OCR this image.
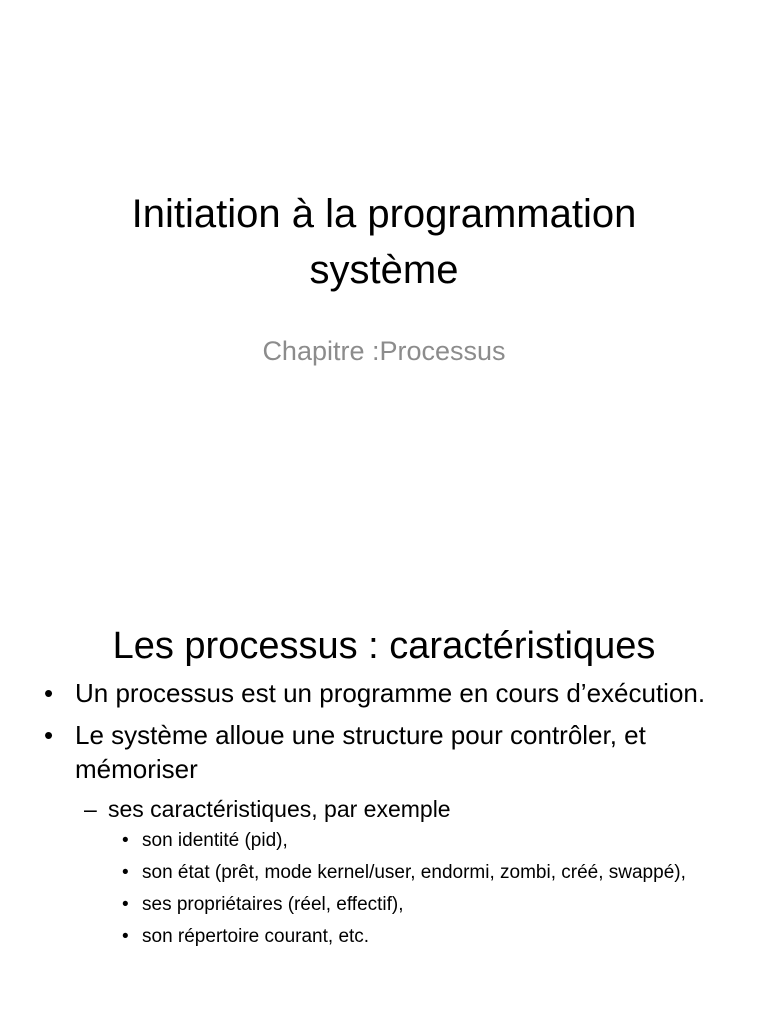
Initiation à la programmation
système

Chapitre :Processus

Les processus : caractéristiques
• Un processus est un programme en cours d’exécution.
• Le système alloue une structure pour contrôler, et mémoriser
– ses caractéristiques, par exemple
• son identité (pid),
• son état (prêt, mode kernel/user, endormi, zombi, créé, swappé),
• ses propriétaires (réel, effectif),
• son répertoire courant, etc.
